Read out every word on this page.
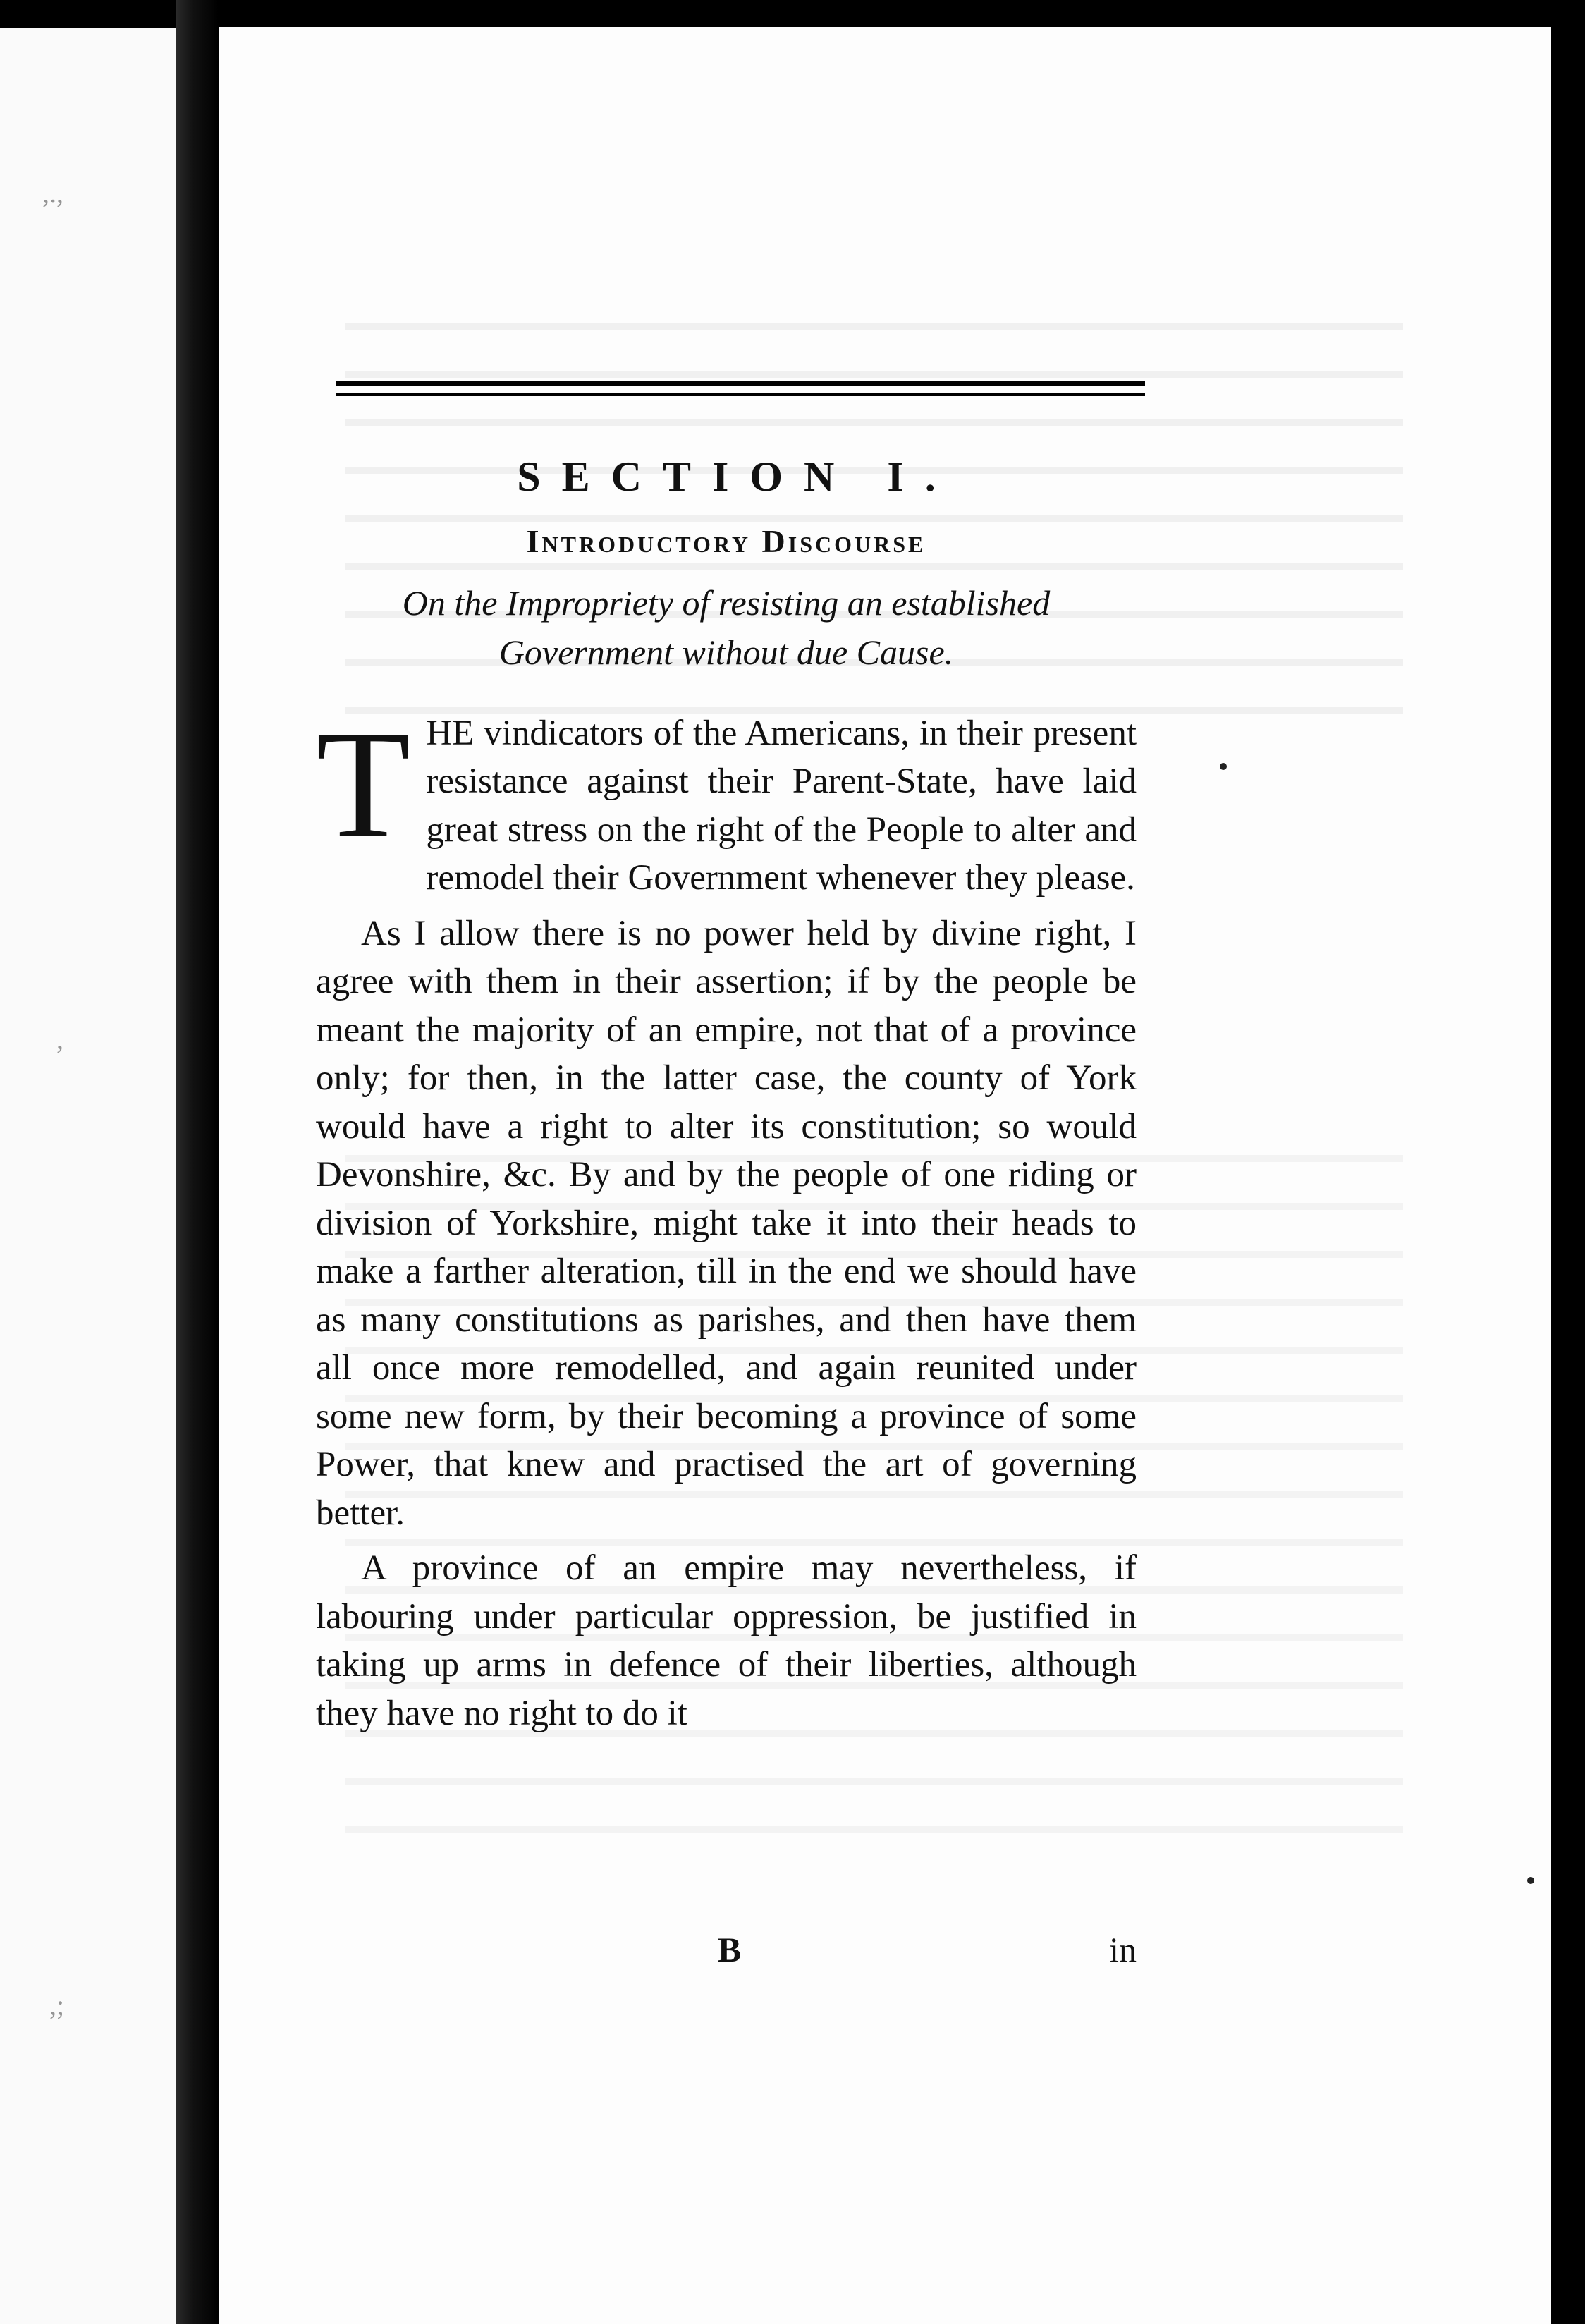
,.,
,
,;
SECTION I.
Introductory Discourse
On the Impropriety of resisting an established Government without due Cause.

T HE vindicators of the Americans, in their present resistance against their Parent-State, have laid great stress on the right of the People to alter and remodel their Government whenever they please.

As I allow there is no power held by divine right, I agree with them in their assertion; if by the people be meant the majority of an empire, not that of a province only; for then, in the latter case, the county of York would have a right to alter its constitution; so would Devonshire, &c. By and by the people of one riding or division of Yorkshire, might take it into their heads to make a farther alteration, till in the end we should have as many constitutions as parishes, and then have them all once more remodelled, and again reunited under some new form, by their becoming a province of some Power, that knew and practised the art of governing better.

A province of an empire may nevertheless, if labouring under particular oppression, be justified in taking up arms in defence of their liberties, although they have no right to do it

B	in
